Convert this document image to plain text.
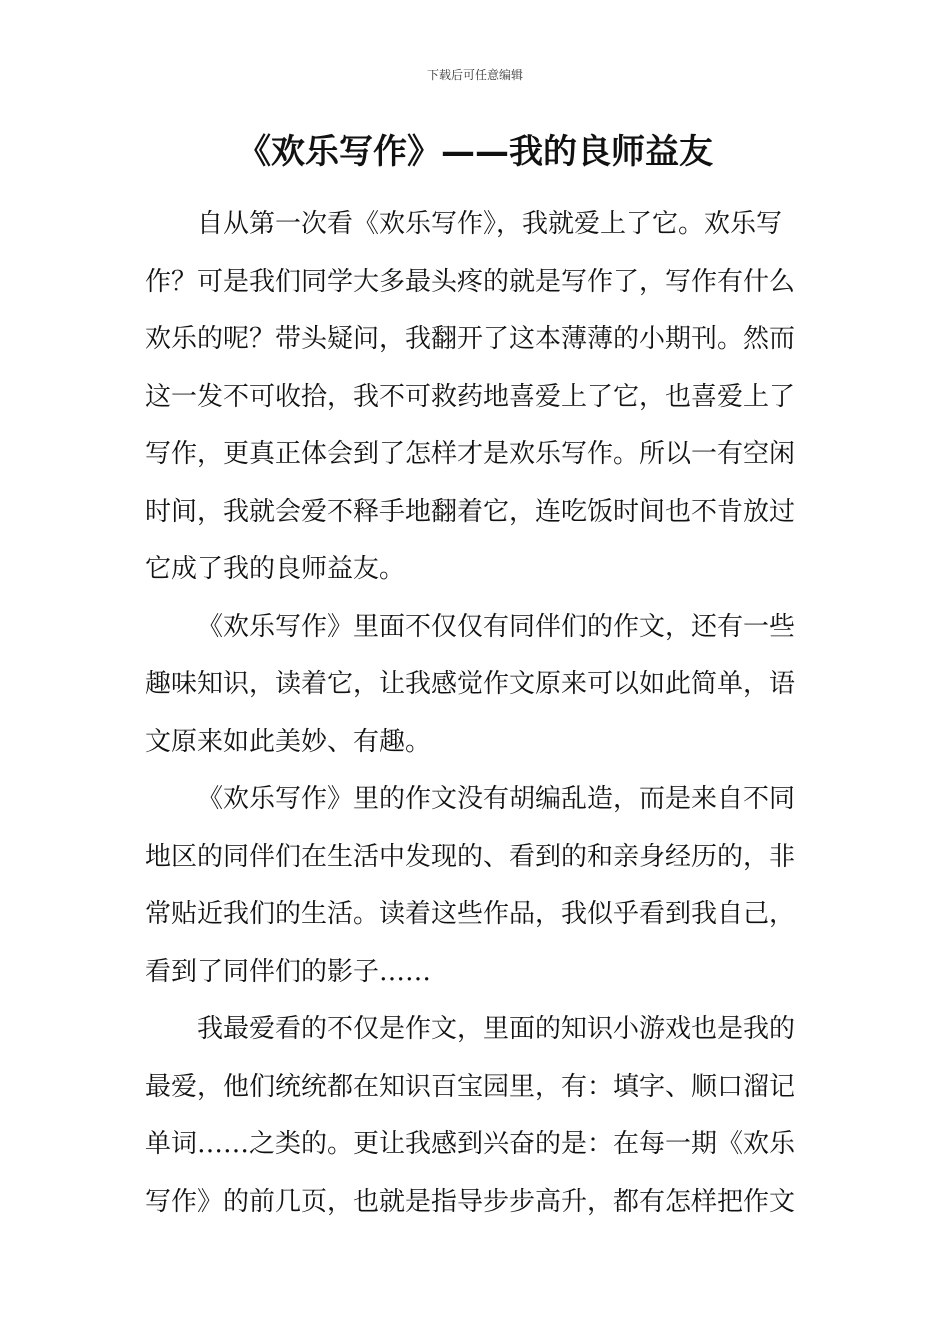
下载后可任意编辑
《欢乐写作》——我的良师益友
自从第一次看《欢乐写作》，我就爱上了它。欢乐写
作？可是我们同学大多最头疼的就是写作了，写作有什么
欢乐的呢？带头疑问，我翻开了这本薄薄的小期刊。然而
这一发不可收拾，我不可救药地喜爱上了它，也喜爱上了
写作，更真正体会到了怎样才是欢乐写作。所以一有空闲
时间，我就会爱不释手地翻着它，连吃饭时间也不肯放过
它成了我的良师益友。
《欢乐写作》里面不仅仅有同伴们的作文，还有一些
趣味知识，读着它，让我感觉作文原来可以如此简单，语
文原来如此美妙、有趣。
《欢乐写作》里的作文没有胡编乱造，而是来自不同
地区的同伴们在生活中发现的、看到的和亲身经历的，非
常贴近我们的生活。读着这些作品，我似乎看到我自己，
看到了同伴们的影子……
我最爱看的不仅是作文，里面的知识小游戏也是我的
最爱，他们统统都在知识百宝园里，有：填字、顺口溜记
单词……之类的。更让我感到兴奋的是：在每一期《欢乐
写作》的前几页，也就是指导步步高升，都有怎样把作文
